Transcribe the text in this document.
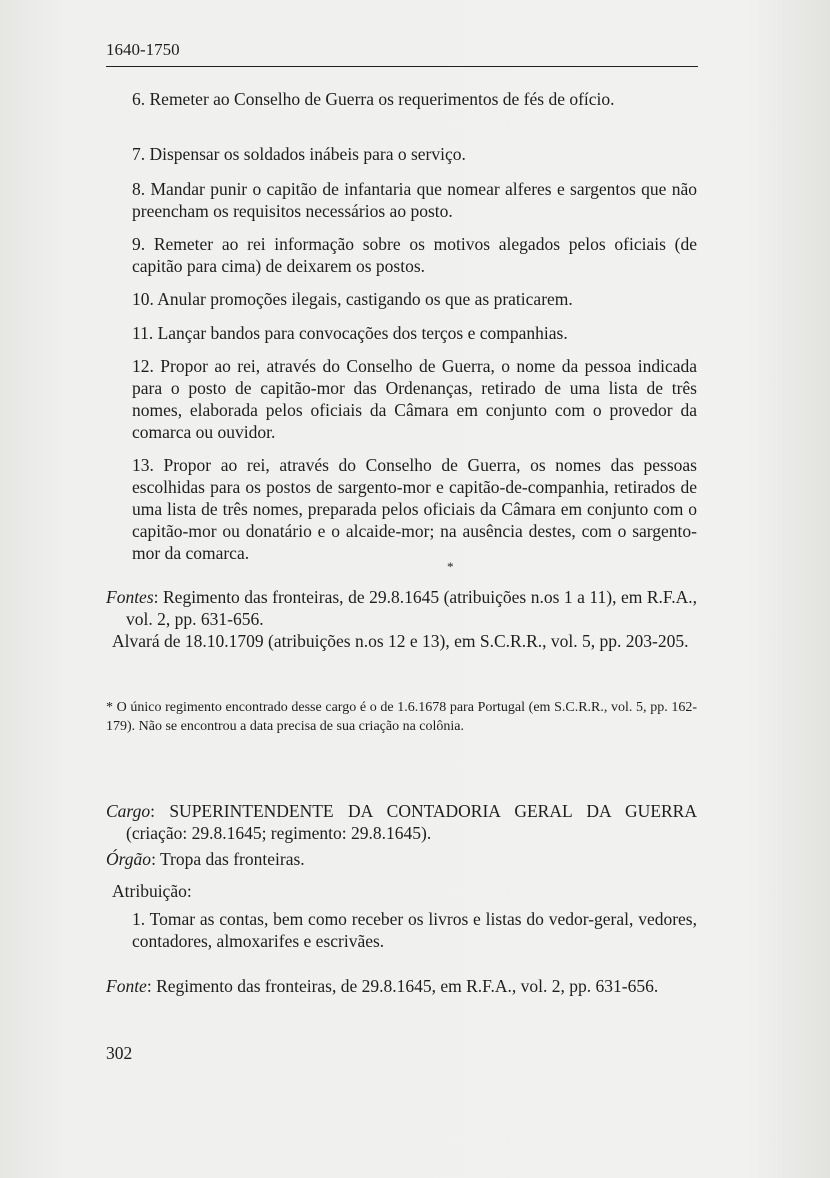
1640-1750

6. Remeter ao Conselho de Guerra os requerimentos de fés de ofício.

7. Dispensar os soldados inábeis para o serviço.

8. Mandar punir o capitão de infantaria que nomear alferes e sargentos que não preencham os requisitos necessários ao posto.

9. Remeter ao rei informação sobre os motivos alegados pelos oficiais (de capitão para cima) de deixarem os postos.

10. Anular promoções ilegais, castigando os que as praticarem.

11. Lançar bandos para convocações dos terços e companhias.

12. Propor ao rei, através do Conselho de Guerra, o nome da pessoa indicada para o posto de capitão-mor das Ordenanças, retirado de uma lista de três nomes, elaborada pelos oficiais da Câmara em conjunto com o provedor da comarca ou ouvidor.

13. Propor ao rei, através do Conselho de Guerra, os nomes das pessoas escolhidas para os postos de sargento-mor e capitão-de-companhia, retirados de uma lista de três nomes, preparada pelos oficiais da Câmara em conjunto com o capitão-mor ou donatário e o alcaide-mor; na ausência destes, com o sargento-mor da comarca.

*

Fontes: Regimento das fronteiras, de 29.8.1645 (atribuições n.os 1 a 11), em R.F.A., vol. 2, pp. 631-656.

Alvará de 18.10.1709 (atribuições n.os 12 e 13), em S.C.R.R., vol. 5, pp. 203-205.

* O único regimento encontrado desse cargo é o de 1.6.1678 para Portugal (em S.C.R.R., vol. 5, pp. 162-179). Não se encontrou a data precisa de sua criação na colônia.

Cargo: SUPERINTENDENTE DA CONTADORIA GERAL DA GUERRA (criação: 29.8.1645; regimento: 29.8.1645).

Órgão: Tropa das fronteiras.

Atribuição:

1. Tomar as contas, bem como receber os livros e listas do vedor-geral, vedores, contadores, almoxarifes e escrivães.

Fonte: Regimento das fronteiras, de 29.8.1645, em R.F.A., vol. 2, pp. 631-656.

302
